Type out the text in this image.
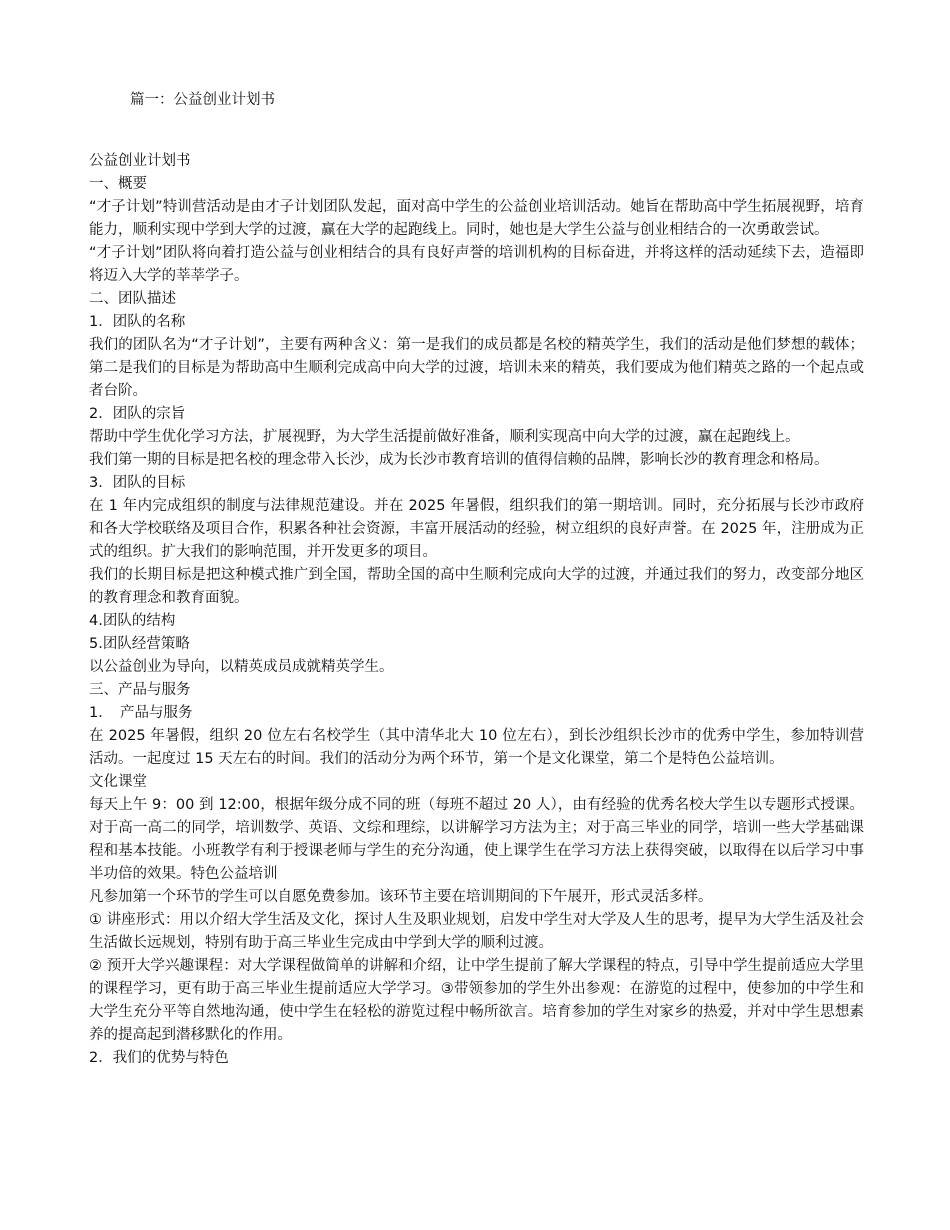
篇一：公益创业计划书

公益创业计划书

一、概要

“才子计划”特训营活动是由才子计划团队发起，面对高中学生的公益创业培训活动。她旨在帮助高中学生拓展视野，培育能力，顺利实现中学到大学的过渡，赢在大学的起跑线上。同时，她也是大学生公益与创业相结合的一次勇敢尝试。

“才子计划”团队将向着打造公益与创业相结合的具有良好声誉的培训机构的目标奋进，并将这样的活动延续下去，造福即将迈入大学的莘莘学子。

二、团队描述

1．团队的名称

我们的团队名为“才子计划”，主要有两种含义：第一是我们的成员都是名校的精英学生，我们的活动是他们梦想的载体；第二是我们的目标是为帮助高中生顺利完成高中向大学的过渡，培训未来的精英，我们要成为他们精英之路的一个起点或者台阶。

2．团队的宗旨

帮助中学生优化学习方法，扩展视野，为大学生活提前做好准备，顺利实现高中向大学的过渡，赢在起跑线上。

我们第一期的目标是把名校的理念带入长沙，成为长沙市教育培训的值得信赖的品牌，影响长沙的教育理念和格局。

3．团队的目标

在 1 年内完成组织的制度与法律规范建设。并在 2025 年暑假，组织我们的第一期培训。同时，充分拓展与长沙市政府和各大学校联络及项目合作，积累各种社会资源，丰富开展活动的经验，树立组织的良好声誉。在 2025 年，注册成为正式的组织。扩大我们的影响范围，并开发更多的项目。

我们的长期目标是把这种模式推广到全国，帮助全国的高中生顺利完成向大学的过渡，并通过我们的努力，改变部分地区的教育理念和教育面貌。

4.团队的结构

5.团队经营策略

以公益创业为导向，以精英成员成就精英学生。

三、产品与服务

1．　产品与服务

在 2025 年暑假，组织 20 位左右名校学生（其中清华北大 10 位左右），到长沙组织长沙市的优秀中学生，参加特训营活动。一起度过 15 天左右的时间。我们的活动分为两个环节，第一个是文化课堂，第二个是特色公益培训。

文化课堂

每天上午 9：00 到 12:00，根据年级分成不同的班（每班不超过 20 人），由有经验的优秀名校大学生以专题形式授课。对于高一高二的同学，培训数学、英语、文综和理综，以讲解学习方法为主；对于高三毕业的同学，培训一些大学基础课程和基本技能。小班教学有利于授课老师与学生的充分沟通，使上课学生在学习方法上获得突破，以取得在以后学习中事半功倍的效果。特色公益培训

凡参加第一个环节的学生可以自愿免费参加。该环节主要在培训期间的下午展开，形式灵活多样。

① 讲座形式：用以介绍大学生活及文化，探讨人生及职业规划，启发中学生对大学及人生的思考，提早为大学生活及社会生活做长远规划，特别有助于高三毕业生完成由中学到大学的顺利过渡。

② 预开大学兴趣课程：对大学课程做简单的讲解和介绍，让中学生提前了解大学课程的特点，引导中学生提前适应大学里的课程学习，更有助于高三毕业生提前适应大学学习。③带领参加的学生外出参观：在游览的过程中，使参加的中学生和大学生充分平等自然地沟通，使中学生在轻松的游览过程中畅所欲言。培育参加的学生对家乡的热爱，并对中学生思想素养的提高起到潜移默化的作用。

2．我们的优势与特色
